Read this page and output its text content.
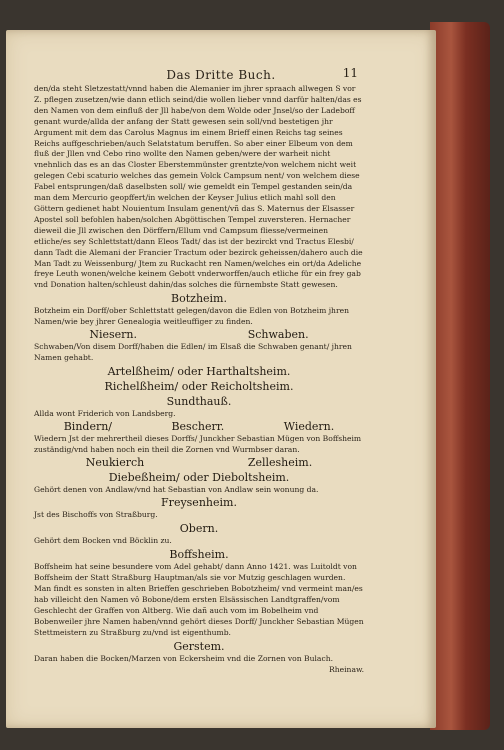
Das Dritte Buch.	11

den/da steht Sletzestatt/vnnd haben die Alemanier im jhrer spraach allwegen S vor Z. pflegen zusetzen/wie dann etlich seind/die wollen lieber vnnd darfür halten/das es den Namen von dem einfluß der Jll habe/von dem Wolde oder Jnsel/so der Ladeboff genant wurde/allda der anfang der Statt gewesen sein soll/vnd bestetigen jhr Argument mit dem das Carolus Magnus im einem Brieff einen Reichs tag seines Reichs auffgeschrieben/auch Selatstatum beruffen. So aber einer Elbeum von dem fluß der Jllen vnd Cebo rino wollte den Namen geben/were der warheit nicht vnehnlich das es an das Closter Eberstemmünster grentzte/von welchem nicht weit gelegen Cebi scaturio welches das gemein Volck Campsum nent/ von welchem diese Fabel entsprungen/daß daselbsten soll/ wie gemeldt ein Tempel gestanden sein/da man dem Mercurio geopffert/in welchen der Keyser Julius etlich mahl soll den Göttern gedienet habt Nouientum Insulam genent/vñ das S. Maternus der Elsasser Apostel soll befohlen haben/solchen Abgöttischen Tempel zuversteren. Hernacher dieweil die Jll zwischen den Dörffern/Ellum vnd Campsum fliesse/vermeinen etliche/es sey Schlettstatt/dann Eleos Tadt/ das ist der bezirckt vnd Tractus Elesbi/ dann Tadt die Alemani der Francier Tractum oder bezirck geheissen/dahero auch die Man Tadt zu Weissenburg/ Jtem zu Ruckacht ren Namen/welches ein ort/da Adeliche freye Leuth wonen/welche keinem Gebott vnderworffen/auch etliche für ein frey gab vnd Donation halten/schleust dahin/das solches die fürnembste Statt gewesen.

Botzheim.
Botzheim ein Dorff/ober Schlettstatt gelegen/davon die Edlen von Botzheim jhren Namen/wie bey jhrer Genealogia weitleuffiger zu finden.
Niesern.	Schwaben.
Schwaben/Von disem Dorff/haben die Edlen/ im Elsaß die Schwaben genant/ jhren Namen gehabt.
Artelßheim/ oder Harthaltsheim.
Richelßheim/ oder Reicholtsheim.
Sundthauß.
Allda wont Friderich von Landsberg.
Bindern/	Bescherr.	Wiedern.
Wiedern Jst der mehrertheil dieses Dorffs/ Junckher Sebastian Mügen von Boffsheim zuständig/vnd haben noch ein theil die Zornen vnd Wurmbser daran.
Neukierch	Zellesheim.
Diebeßheim/ oder Dieboltsheim.
Gehört denen von Andlaw/vnd hat Sebastian von Andlaw sein wonung da.
Freysenheim.
Jst des Bischoffs von Straßburg.
Obern.
Gehört dem Bocken vnd Böcklin zu.
Boffsheim.
Boffsheim hat seine besundere vom Adel gehabt/ dann Anno 1421. was Luitoldt von Boffsheim der Statt Straßburg Hauptman/als sie vor Mutzig geschlagen wurden. Man findt es sonsten in alten Brieffen geschrieben Bobotzheim/ vnd vermeint man/es hab villeicht den Namen vô Bobone/dem ersten Elsässischen Landtgraffen/vom Geschlecht der Graffen von Altberg. Wie dañ auch vom im Bobelheim vnd Bobenweiler jhre Namen haben/vnnd gehört dieses Dorff/ Junckher Sebastian Mügen Stettmeistern zu Straßburg zu/vnd ist eigenthumb.
Gerstem.
Daran haben die Bocken/Marzen von Eckersheim vnd die Zornen von Bulach.
Rheinaw.
